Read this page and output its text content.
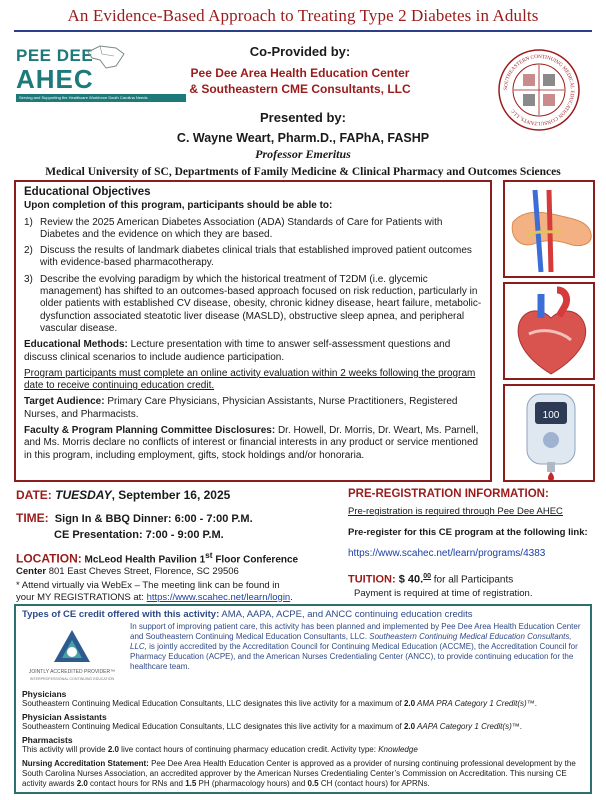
An Evidence-Based Approach to Treating Type 2 Diabetes in Adults
PEE DEE
AHEC
Serving and Supporting the Healthcare Workforce South Carolina Needs
Co-Provided by:
Pee Dee Area Health Education Center
& Southeastern CME Consultants, LLC	SOUTHEASTERN CONTINUING MEDICAL EDUCATION CONSULTANTS, LLC
Presented by:
C. Wayne Weart, Pharm.D., FAPhA, FASHP
Professor Emeritus
Medical University of SC, Departments of Family Medicine & Clinical Pharmacy and Outcomes Sciences
Educational Objectives
Upon completion of this program, participants should be able to:
1) Review the 2025 American Diabetes Association (ADA) Standards of Care for Patients with Diabetes and the evidence on which they are based.
2) Discuss the results of landmark diabetes clinical trials that established improved patient outcomes with evidence-based pharmacotherapy.
3) Describe the evolving paradigm by which the historical treatment of T2DM (i.e. glycemic management) has shifted to an outcomes-based approach focused on risk reduction, particularly in older patients with established CV disease, obesity, chronic kidney disease, heart failure, metabolic-dysfunction associated steatotic liver disease (MASLD), obstructive sleep apnea, and peripheral vascular disease.

Educational Methods: Lecture presentation with time to answer self-assessment questions and discuss clinical scenarios to include audience participation.

Program participants must complete an online activity evaluation within 2 weeks following the program date to receive continuing education credit.

Target Audience: Primary Care Physicians, Physician Assistants, Nurse Practitioners, Registered Nurses, and Pharmacists.

Faculty & Program Planning Committee Disclosures: Dr. Howell, Dr. Morris, Dr. Weart, Ms. Parnell, and Ms. Morris declare no conflicts of interest or financial interests in any product or service mentioned in this program, including employment, gifts, stock holdings and/or honoraria.

100
DATE: TUESDAY, September 16, 2025
TIME: Sign In & BBQ Dinner: 6:00 - 7:00 P.M.
CE Presentation: 7:00 - 9:00 P.M.
LOCATION: McLeod Health Pavilion 1st Floor Conference
Center 801 East Cheves Street, Florence, SC 29506
* Attend virtually via WebEx – The meeting link can be found in
your MY REGISTRATIONS at: https://www.scahec.net/learn/login.
PRE-REGISTRATION INFORMATION:
Pre-registration is required through Pee Dee AHEC
Pre-register for this CE program at the following link:
https://www.scahec.net/learn/programs/4383
TUITION: $ 40.00 for all Participants
Payment is required at time of registration.
Types of CE credit offered with this activity: AMA, AAPA, ACPE, and ANCC continuing education credits
JOINTLY ACCREDITED PROVIDER™
INTERPROFESSIONAL CONTINUING EDUCATION
In support of improving patient care, this activity has been planned and implemented by Pee Dee Area Health Education Center and Southeastern Continuing Medical Education Consultants, LLC. Southeastern Continuing Medical Education Consultants, LLC, is jointly accredited by the Accreditation Council for Continuing Medical Education (ACCME), the Accreditation Council for Pharmacy Education (ACPE), and the American Nurses Credentialing Center (ANCC), to provide continuing education for the healthcare team.
Physicians
Southeastern Continuing Medical Education Consultants, LLC designates this live activity for a maximum of 2.0 AMA PRA Category 1 Credit(s)™.
Physician Assistants
Southeastern Continuing Medical Education Consultants, LLC designates this live activity for a maximum of 2.0 AAPA Category 1 Credit(s)™.
Pharmacists
This activity will provide 2.0 live contact hours of continuing pharmacy education credit. Activity type: Knowledge
Nursing Accreditation Statement: Pee Dee Area Health Education Center is approved as a provider of nursing continuing professional development by the South Carolina Nurses Association, an accredited approver by the American Nurses Credentialing Center’s Commission on Accreditation. This nursing CE activity awards 2.0 contact hours for RNs and 1.5 PH (pharmacology hours) and 0.5 CH (contact hours) for APRNs.
